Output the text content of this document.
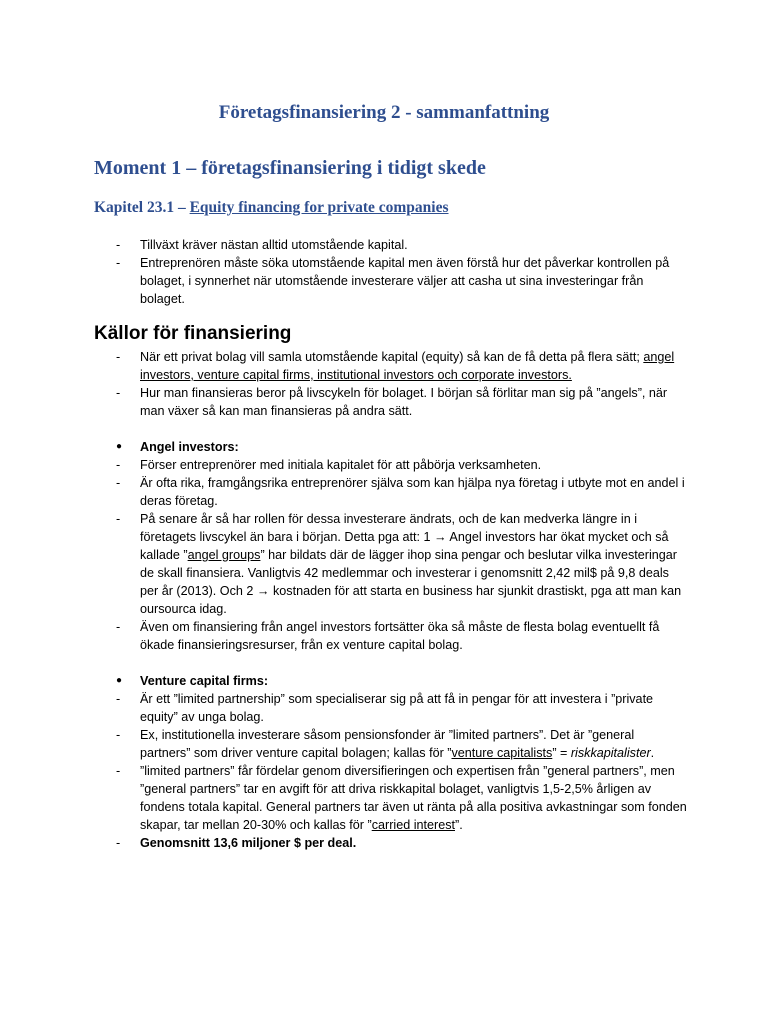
Företagsfinansiering 2 - sammanfattning
Moment 1 – företagsfinansiering i tidigt skede
Kapitel 23.1 – Equity financing for private companies
-	Tillväxt kräver nästan alltid utomstående kapital.
-	Entreprenören måste söka utomstående kapital men även förstå hur det påverkar kontrollen på bolaget, i synnerhet när utomstående investerare väljer att casha ut sina investeringar från bolaget.
Källor för finansiering
-	När ett privat bolag vill samla utomstående kapital (equity) så kan de få detta på flera sätt; angel investors, venture capital firms, institutional investors och corporate investors.
-	Hur man finansieras beror på livscykeln för bolaget. I början så förlitar man sig på ”angels”, när man växer så kan man finansieras på andra sätt.
●	Angel investors:
-	Förser entreprenörer med initiala kapitalet för att påbörja verksamheten.
-	Är ofta rika, framgångsrika entreprenörer själva som kan hjälpa nya företag i utbyte mot en andel i deras företag.
-	På senare år så har rollen för dessa investerare ändrats, och de kan medverka längre in i företagets livscykel än bara i början. Detta pga att: 1 → Angel investors har ökat mycket och så kallade ”angel groups” har bildats där de lägger ihop sina pengar och beslutar vilka investeringar de skall finansiera. Vanligtvis 42 medlemmar och investerar i genomsnitt 2,42 mil$ på 9,8 deals per år (2013). Och 2 → kostnaden för att starta en business har sjunkit drastiskt, pga att man kan oursourca idag.
-	Även om finansiering från angel investors fortsätter öka så måste de flesta bolag eventuellt få ökade finansieringsresurser, från ex venture capital bolag.
●	Venture capital firms:
-	Är ett ”limited partnership” som specialiserar sig på att få in pengar för att investera i ”private equity” av unga bolag.
-	Ex, institutionella investerare såsom pensionsfonder är ”limited partners”. Det är ”general partners” som driver venture capital bolagen; kallas för ”venture capitalists” = riskkapitalister.
-	”limited partners” får fördelar genom diversifieringen och expertisen från ”general partners”, men ”general partners” tar en avgift för att driva riskkapital bolaget, vanligtvis 1,5-2,5% årligen av fondens totala kapital. General partners tar även ut ränta på alla positiva avkastningar som fonden skapar, tar mellan 20-30% och kallas för ”carried interest”.
-	Genomsnitt 13,6 miljoner $ per deal.
